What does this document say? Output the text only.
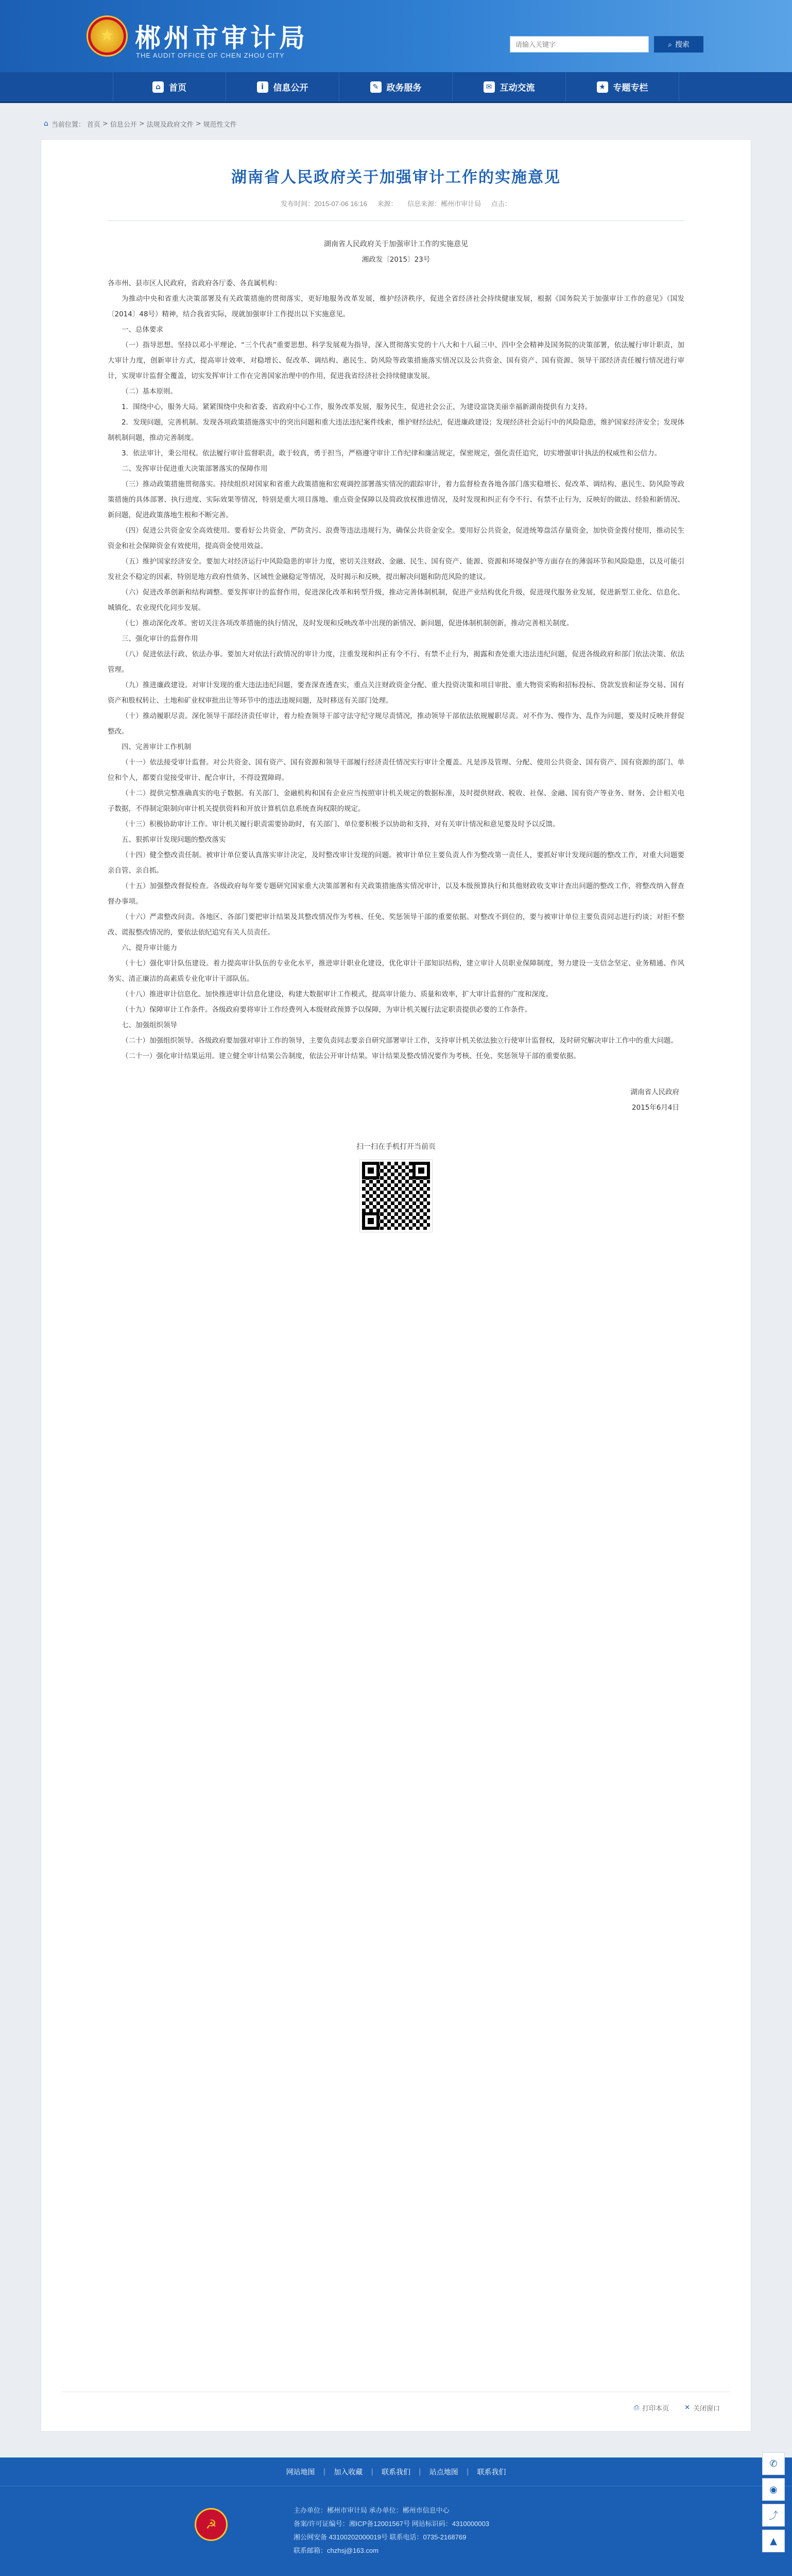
★ 郴州市审计局
THE AUDIT OFFICE OF CHEN ZHOU CITY
请输入关键字
⌕ 搜索
⌂ 首页	i	信息公开	✎ 政务服务	✉ 互动交流	★ 专题专栏
⌂ 当前位置： 首页 > 信息公开 > 法规及政府文件 > 规范性文件
湖南省人民政府关于加强审计工作的实施意见
发布时间：2015-07-06 16:16 来源： 信息来源：郴州市审计局 点击：
湖南省人民政府关于加强审计工作的实施意见
湘政发〔2015〕23号

各市州、县市区人民政府，省政府各厅委、各直属机构：

为推动中央和省重大决策部署及有关政策措施的贯彻落实，更好地服务改革发展，维护经济秩序，促进全省经济社会持续健康发展，根据《国务院关于加强审计工作的意见》（国发〔2014〕48号）精神，结合我省实际，现就加强审计工作提出以下实施意见。

一、总体要求

（一）指导思想。坚持以邓小平理论、“三个代表”重要思想、科学发展观为指导，深入贯彻落实党的十八大和十八届三中、四中全会精神及国务院的决策部署，依法履行审计职责，加大审计力度，创新审计方式，提高审计效率，对稳增长、促改革、调结构、惠民生、防风险等政策措施落实情况以及公共资金、国有资产、国有资源、领导干部经济责任履行情况进行审计，实现审计监督全覆盖，切实发挥审计工作在完善国家治理中的作用，促进我省经济社会持续健康发展。

（二）基本原则。

1．围绕中心，服务大局。紧紧围绕中央和省委、省政府中心工作，服务改革发展，服务民生，促进社会公正，为建设富饶美丽幸福新湖南提供有力支持。

2．发现问题，完善机制。发现各项政策措施落实中的突出问题和重大违法违纪案件线索，维护财经法纪，促进廉政建设；发现经济社会运行中的风险隐患，维护国家经济安全；发现体制机制问题，推动完善制度。

3．依法审计，秉公用权。依法履行审计监督职责，敢于较真，勇于担当，严格遵守审计工作纪律和廉洁规定，保密规定，强化责任追究，切实增强审计执法的权威性和公信力。

二、发挥审计促进重大决策部署落实的保障作用

（三）推动政策措施贯彻落实。持续组织对国家和省重大政策措施和宏观调控部署落实情况的跟踪审计，着力监督检查各地各部门落实稳增长、促改革、调结构、惠民生、防风险等政策措施的具体部署、执行进度、实际效果等情况，特别是重大项目落地、重点资金保障以及简政放权推进情况，及时发现和纠正有令不行、有禁不止行为，反映好的做法、经验和新情况、新问题，促进政策落地生根和不断完善。

（四）促进公共资金安全高效使用。要看好公共资金，严防贪污、浪费等违法违规行为，确保公共资金安全。要用好公共资金，促进统筹盘活存量资金，加快资金拨付使用，推动民生资金和社会保障资金有效使用，提高资金使用效益。

（五）维护国家经济安全。要加大对经济运行中风险隐患的审计力度，密切关注财政、金融、民生、国有资产、能源、资源和环境保护等方面存在的薄弱环节和风险隐患，以及可能引发社会不稳定的因素，特别是地方政府性债务、区域性金融稳定等情况，及时揭示和反映，提出解决问题和防范风险的建议。

（六）促进改革创新和结构调整。要发挥审计的监督作用，促进深化改革和转型升级，推动完善体制机制，促进产业结构优化升级，促进现代服务业发展，促进新型工业化、信息化、城镇化、农业现代化同步发展。

（七）推动深化改革。密切关注各项改革措施的执行情况，及时发现和反映改革中出现的新情况、新问题，促进体制机制创新，推动完善相关制度。

三、强化审计的监督作用

（八）促进依法行政、依法办事。要加大对依法行政情况的审计力度，注重发现和纠正有令不行、有禁不止行为，揭露和查处重大违法违纪问题，促进各级政府和部门依法决策、依法管理。

（九）推进廉政建设。对审计发现的重大违法违纪问题，要查深查透查实，重点关注财政资金分配、重大投资决策和项目审批、重大物资采购和招标投标、贷款发放和证券交易、国有资产和股权转让、土地和矿业权审批出让等环节中的违法违规问题，及时移送有关部门处理。

（十）推动履职尽责。深化领导干部经济责任审计，着力检查领导干部守法守纪守规尽责情况，推动领导干部依法依规履职尽责。对不作为、慢作为、乱作为问题，要及时反映并督促整改。

四、完善审计工作机制

（十一）依法接受审计监督。对公共资金、国有资产、国有资源和领导干部履行经济责任情况实行审计全覆盖。凡是涉及管理、分配、使用公共资金、国有资产、国有资源的部门、单位和个人，都要自觉接受审计、配合审计，不得设置障碍。

（十二）提供完整准确真实的电子数据。有关部门、金融机构和国有企业应当按照审计机关规定的数据标准，及时提供财政、税收、社保、金融、国有资产等业务、财务、会计相关电子数据，不得制定限制向审计机关提供资料和开放计算机信息系统查询权限的规定。

（十三）积极协助审计工作。审计机关履行职责需要协助时，有关部门、单位要积极予以协助和支持，对有关审计情况和意见要及时予以反馈。

五、狠抓审计发现问题的整改落实

（十四）健全整改责任制。被审计单位要认真落实审计决定，及时整改审计发现的问题。被审计单位主要负责人作为整改第一责任人，要抓好审计发现问题的整改工作，对重大问题要亲自管、亲自抓。

（十五）加强整改督促检查。各级政府每年要专题研究国家重大决策部署和有关政策措施落实情况审计，以及本级预算执行和其他财政收支审计查出问题的整改工作，将整改纳入督查督办事项。

（十六）严肃整改问责。各地区、各部门要把审计结果及其整改情况作为考核、任免、奖惩领导干部的重要依据。对整改不到位的，要与被审计单位主要负责同志进行约谈；对拒不整改、谎报整改情况的，要依法依纪追究有关人员责任。

六、提升审计能力

（十七）强化审计队伍建设。着力提高审计队伍的专业化水平，推进审计职业化建设，优化审计干部知识结构，建立审计人员职业保障制度，努力建设一支信念坚定、业务精通、作风务实、清正廉洁的高素质专业化审计干部队伍。

（十八）推进审计信息化。加快推进审计信息化建设，构建大数据审计工作模式，提高审计能力、质量和效率，扩大审计监督的广度和深度。

（十九）保障审计工作条件。各级政府要将审计工作经费列入本级财政预算予以保障，为审计机关履行法定职责提供必要的工作条件。

七、加强组织领导

（二十）加强组织领导。各级政府要加强对审计工作的领导，主要负责同志要亲自研究部署审计工作，支持审计机关依法独立行使审计监督权，及时研究解决审计工作中的重大问题。

（二十一）强化审计结果运用。建立健全审计结果公告制度，依法公开审计结果。审计结果及整改情况要作为考核、任免、奖惩领导干部的重要依据。

湖南省人民政府

2015年6月4日

扫一扫在手机打开当前页
⎙ 打印本页 ✕ 关闭窗口
网站地图 | 加入收藏 | 联系我们 | 站点地图 | 联系我们
☭
主办单位：郴州市审计局 承办单位：郴州市信息中心
备案/许可证编号：湘ICP备12001567号 网站标识码：4310000003
湘公网安备 43100202000019号 联系电话：0735-2168769
联系邮箱：chzhsj@163.com
✆
◉
⤴
▲
